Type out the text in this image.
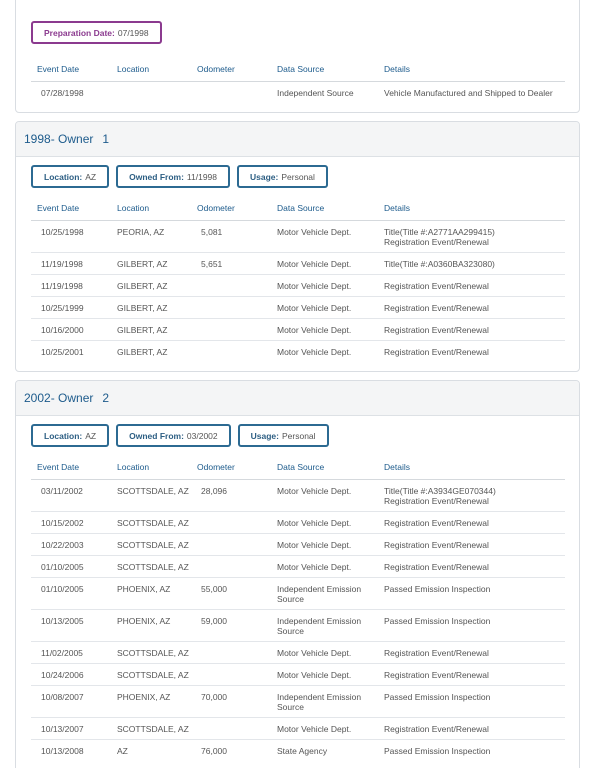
Preparation Date: 07/1998
Event Date	Location	Odometer	Data Source	Details
07/28/1998			Independent Source	Vehicle Manufactured and Shipped to Dealer
1998 - Owner 1
Location: AZ	Owned From: 11/1998	Usage: Personal
Event Date	Location	Odometer	Data Source	Details
10/25/1998	PEORIA, AZ	5,081	Motor Vehicle Dept.	Title(Title #:A2771AA299415)
Registration Event/Renewal

11/19/1998	GILBERT, AZ	5,651	Motor Vehicle Dept.	Title(Title #:A0360BA323080)

11/19/1998	GILBERT, AZ		Motor Vehicle Dept.	Registration Event/Renewal

10/25/1999	GILBERT, AZ		Motor Vehicle Dept.	Registration Event/Renewal

10/16/2000	GILBERT, AZ		Motor Vehicle Dept.	Registration Event/Renewal

10/25/2001	GILBERT, AZ		Motor Vehicle Dept.	Registration Event/Renewal
2002 - Owner 2
Location: AZ	Owned From: 03/2002	Usage: Personal
Event Date	Location	Odometer	Data Source	Details
03/11/2002	SCOTTSDALE, AZ	28,096	Motor Vehicle Dept.	Title(Title #:A3934GE070344)
Registration Event/Renewal

10/15/2002	SCOTTSDALE, AZ		Motor Vehicle Dept.	Registration Event/Renewal

10/22/2003	SCOTTSDALE, AZ		Motor Vehicle Dept.	Registration Event/Renewal

01/10/2005	SCOTTSDALE, AZ		Motor Vehicle Dept.	Registration Event/Renewal

01/10/2005	PHOENIX, AZ	55,000	Independent Emission Source	Passed Emission Inspection

10/13/2005	PHOENIX, AZ	59,000	Independent Emission Source	Passed Emission Inspection

11/02/2005	SCOTTSDALE, AZ		Motor Vehicle Dept.	Registration Event/Renewal

10/24/2006	SCOTTSDALE, AZ		Motor Vehicle Dept.	Registration Event/Renewal

10/08/2007	PHOENIX, AZ	70,000	Independent Emission Source	Passed Emission Inspection

10/13/2007	SCOTTSDALE, AZ		Motor Vehicle Dept.	Registration Event/Renewal

10/13/2008	AZ	76,000	State Agency	Passed Emission Inspection
